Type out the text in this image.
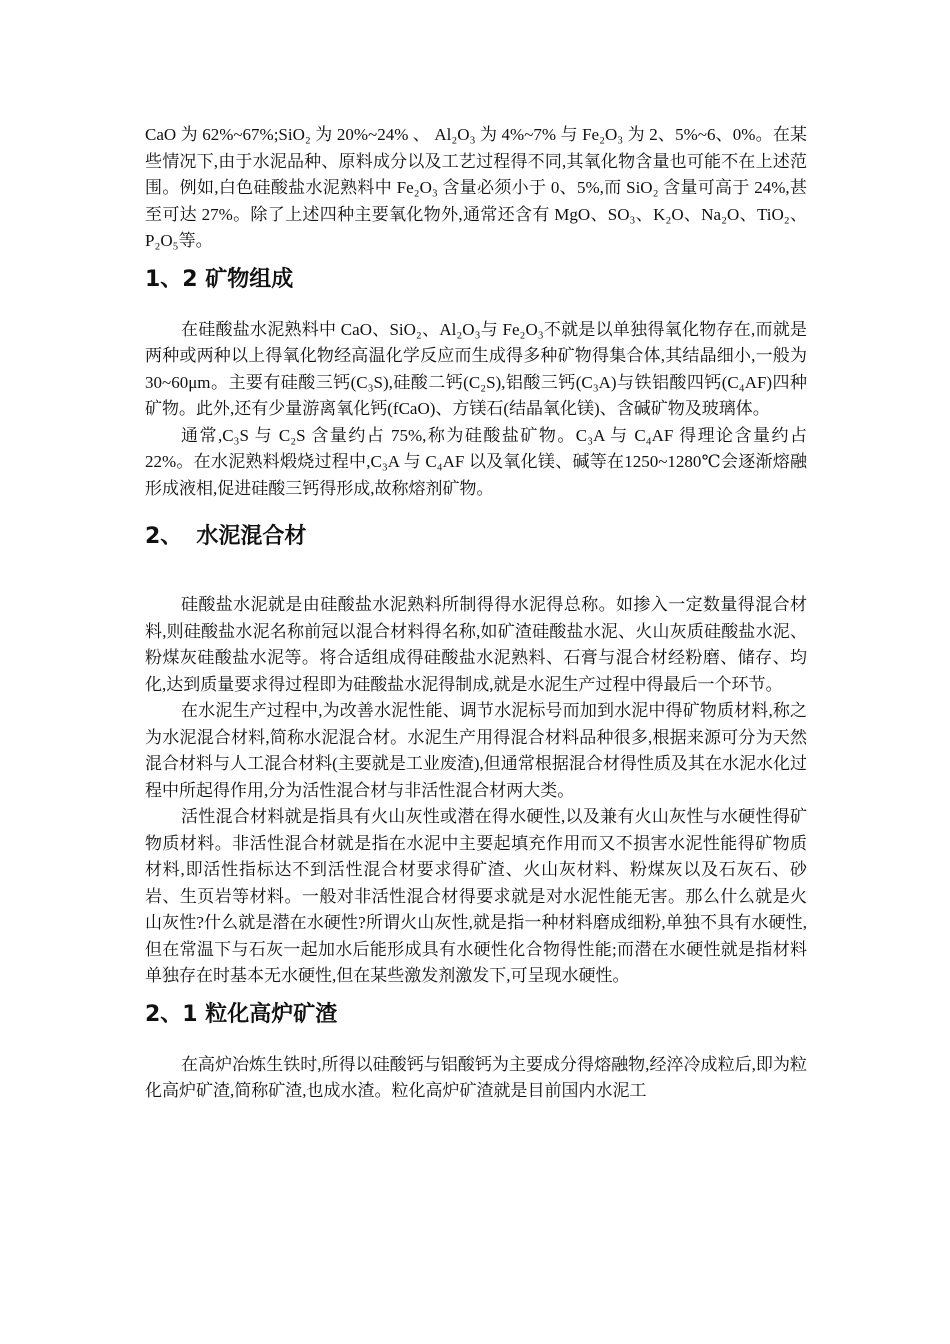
CaO 为 62%~67%;SiO₂ 为 20%~24% 、 Al₂O₃ 为 4%~7% 与 Fe₂O₃ 为 2、5%~6、0%。在某些情况下,由于水泥品种、原料成分以及工艺过程得不同,其氧化物含量也可能不在上述范围。例如,白色硅酸盐水泥熟料中 Fe₂O₃ 含量必须小于 0、5%,而 SiO₂ 含量可高于 24%,甚至可达 27%。除了上述四种主要氧化物外,通常还含有 MgO、SO₃、K₂O、Na₂O、TiO₂、P₂O₅等。

1、2 矿物组成

在硅酸盐水泥熟料中 CaO、SiO₂、Al₂O₃与 Fe₂O₃不就是以单独得氧化物存在,而就是两种或两种以上得氧化物经高温化学反应而生成得多种矿物得集合体,其结晶细小,一般为 30~60μm。主要有硅酸三钙(C₃S),硅酸二钙(C₂S),铝酸三钙(C₃A)与铁铝酸四钙(C₄AF)四种矿物。此外,还有少量游离氧化钙(fCaO)、方镁石(结晶氧化镁)、含碱矿物及玻璃体。

通常,C₃S 与 C₂S 含量约占 75%,称为硅酸盐矿物。C₃A 与 C₄AF 得理论含量约占 22%。在水泥熟料煅烧过程中,C₃A 与 C₄AF 以及氧化镁、碱等在1250~1280℃会逐渐熔融形成液相,促进硅酸三钙得形成,故称熔剂矿物。

2、 水泥混合材

硅酸盐水泥就是由硅酸盐水泥熟料所制得得水泥得总称。如掺入一定数量得混合材料,则硅酸盐水泥名称前冠以混合材料得名称,如矿渣硅酸盐水泥、火山灰质硅酸盐水泥、粉煤灰硅酸盐水泥等。将合适组成得硅酸盐水泥熟料、石膏与混合材经粉磨、储存、均化,达到质量要求得过程即为硅酸盐水泥得制成,就是水泥生产过程中得最后一个环节。

在水泥生产过程中,为改善水泥性能、调节水泥标号而加到水泥中得矿物质材料,称之为水泥混合材料,简称水泥混合材。水泥生产用得混合材料品种很多,根据来源可分为天然混合材料与人工混合材料(主要就是工业废渣),但通常根据混合材得性质及其在水泥水化过程中所起得作用,分为活性混合材与非活性混合材两大类。

活性混合材料就是指具有火山灰性或潜在得水硬性,以及兼有火山灰性与水硬性得矿物质材料。非活性混合材就是指在水泥中主要起填充作用而又不损害水泥性能得矿物质材料,即活性指标达不到活性混合材要求得矿渣、火山灰材料、粉煤灰以及石灰石、砂岩、生页岩等材料。一般对非活性混合材得要求就是对水泥性能无害。那么什么就是火山灰性?什么就是潜在水硬性?所谓火山灰性,就是指一种材料磨成细粉,单独不具有水硬性,但在常温下与石灰一起加水后能形成具有水硬性化合物得性能;而潜在水硬性就是指材料单独存在时基本无水硬性,但在某些激发剂激发下,可呈现水硬性。

2、1 粒化高炉矿渣

在高炉冶炼生铁时,所得以硅酸钙与铝酸钙为主要成分得熔融物,经淬冷成粒后,即为粒化高炉矿渣,简称矿渣,也成水渣。粒化高炉矿渣就是目前国内水泥工
